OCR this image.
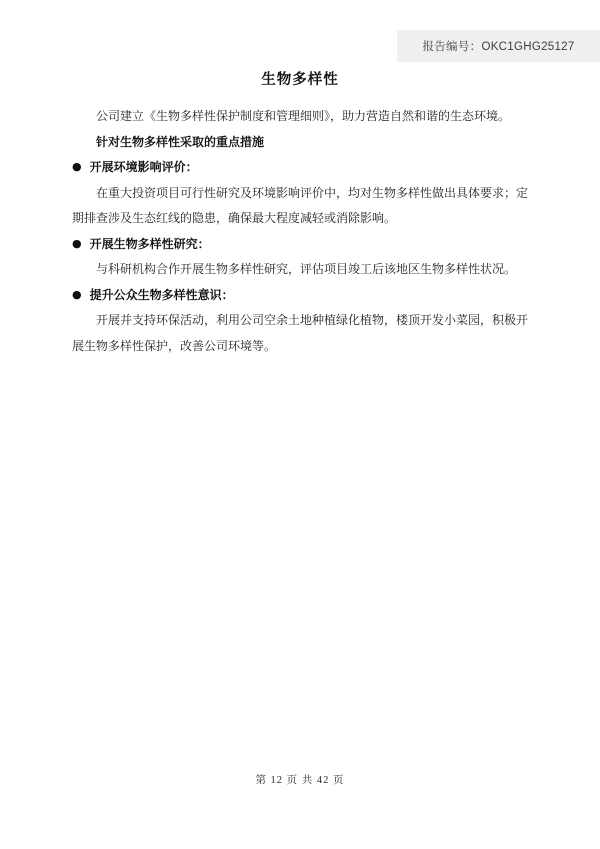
报告编号：OKC1GHG25127
生物多样性

公司建立《生物多样性保护制度和管理细则》，助力营造自然和谐的生态环境。

针对生物多样性采取的重点措施

● 开展环境影响评价：

在重大投资项目可行性研究及环境影响评价中，均对生物多样性做出具体要求；定期排查涉及生态红线的隐患，确保最大程度减轻或消除影响。

● 开展生物多样性研究：

与科研机构合作开展生物多样性研究，评估项目竣工后该地区生物多样性状况。

● 提升公众生物多样性意识：

开展并支持环保活动，利用公司空余土地种植绿化植物，楼顶开发小菜园，积极开展生物多样性保护，改善公司环境等。

第 12 页 共 42 页
